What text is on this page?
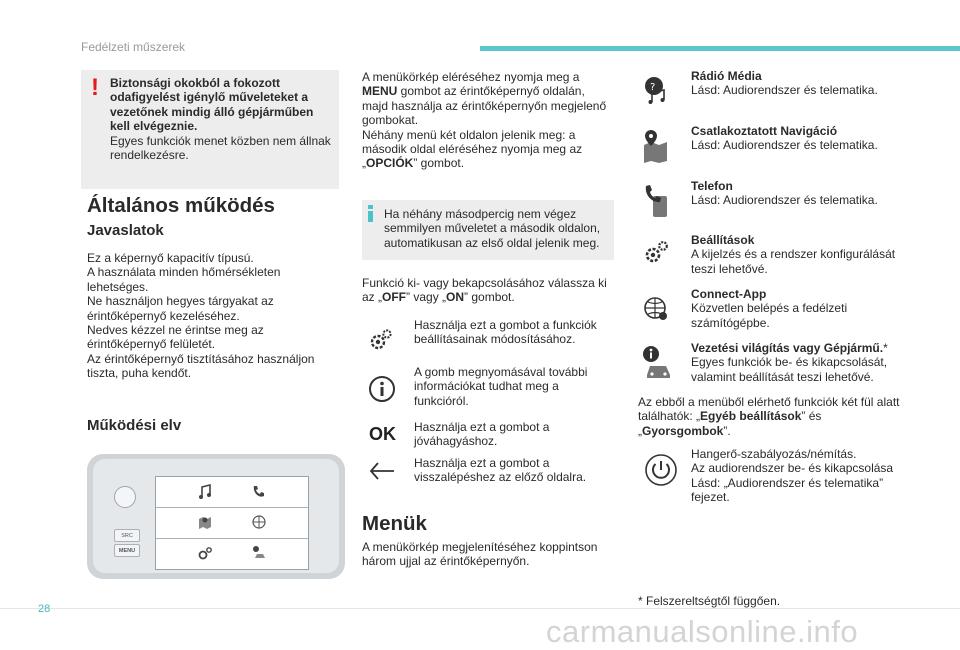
Fedélzeti műszerek
! Biztonsági okokból a fokozott odafigyelést igénylő műveleteket a vezetőnek mindig álló gépjárműben kell elvégeznie.

Egyes funkciók menet közben nem állnak rendelkezésre.

Általános működés
Javaslatok

Ez a képernyő kapacitív típusú.

A használata minden hőmérsékleten lehetséges.

Ne használjon hegyes tárgyakat az érintőképernyő kezeléséhez.

Nedves kézzel ne érintse meg az érintőképernyő felületét.

Az érintőképernyő tisztításához használjon tiszta, puha kendőt.

Működési elv
SRC
MENU

A menükörkép eléréséhez nyomja meg a MENU gombot az érintőképernyő oldalán, majd használja az érintőképernyőn megjelenő gombokat.

Néhány menü két oldalon jelenik meg: a második oldal eléréséhez nyomja meg az „OPCIÓK” gombot.

Ha néhány másodpercig nem végez semmilyen műveletet a második oldalon, automatikusan az első oldal jelenik meg.
Funkció ki- vagy bekapcsolásához válassza ki az „OFF” vagy „ON” gombot.
Használja ezt a gombot a funkciók beállításainak módosításához.
A gomb megnyomásával további információkat tudhat meg a funkcióról.
OK Használja ezt a gombot a jóváhagyáshoz.
Használja ezt a gombot a visszalépéshez az előző oldalra.
Menük
A menükörkép megjelenítéséhez koppintson három ujjal az érintőképernyőn.
?

Rádió Média

Lásd: Audiorendszer és telematika.

Csatlakoztatott Navigáció

Lásd: Audiorendszer és telematika.

Telefon

Lásd: Audiorendszer és telematika.

Beállítások

A kijelzés és a rendszer konfigurálását teszi lehetővé.

Connect-App

Közvetlen belépés a fedélzeti számítógépbe.

Vezetési világítás vagy Gépjármű.*

Egyes funkciók be- és kikapcsolását, valamint beállítását teszi lehetővé.

Az ebből a menüből elérhető funkciók két fül alatt találhatók: „Egyéb beállítások” és „Gyorsgombok”.

Hangerő-szabályozás/némítás.

Az audiorendszer be- és kikapcsolása

Lásd: „Audiorendszer és telematika” fejezet.

* Felszereltségtől függően.
28
carmanualsonline.info
